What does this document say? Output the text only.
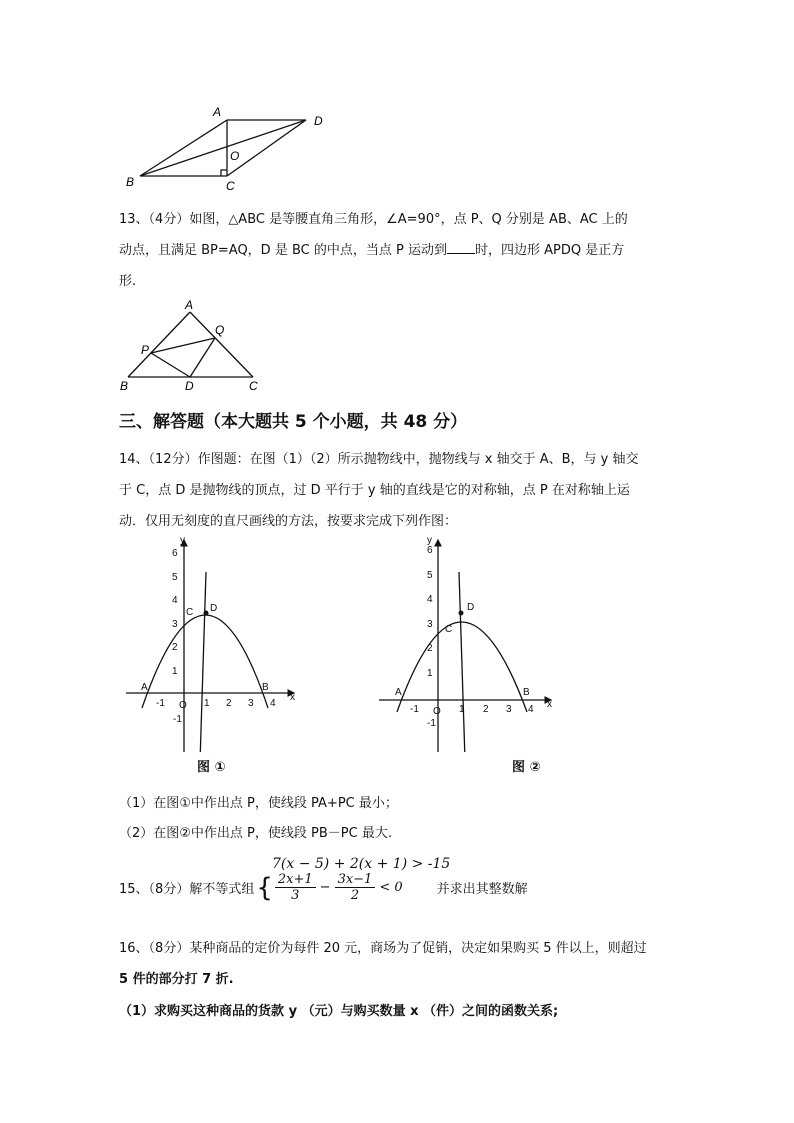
A
D
O
B	C
13、（4分）如图，△ABC 是等腰直角三角形，∠A=90°，点 P、Q 分别是 AB、AC 上的
动点，且满足 BP=AQ，D 是 BC 的中点，当点 P 运动到 时，四边形 APDQ 是正方
形.
A
Q
P
B	D	C
三、解答题（本大题共 5 个小题，共 48 分）
14、（12分）作图题：在图（1）（2）所示抛物线中，抛物线与 x 轴交于 A、B，与 y 轴交
于 C，点 D 是抛物线的顶点，过 D 平行于 y 轴的直线是它的对称轴，点 P 在对称轴上运
动．仅用无刻度的直尺画线的方法，按要求完成下列作图：
y
x
6
5
4
3
2
1
-1
-1	1 2 3 4
O
A	B
C D
图 ①
y
x
6
5
4
3
2
1
-1
-1	1 2 3 4
O
A	B
C
D
图 ②
（1）在图①中作出点 P，使线段 PA+PC 最小；
（2）在图②中作出点 P，使线段 PB－PC 最大.
7(x − 5) + 2(x + 1) > -15
15、（8分）解不等式组 { $\frac{2x+1}{3} - \frac{3x-1}{2} < 0$	并求出其整数解
16、（8分）某种商品的定价为每件 20 元，商场为了促销，决定如果购买 5 件以上，则超过
5 件的部分打 7 折.
（1）求购买这种商品的货款 y （元）与购买数量 x （件）之间的函数关系;
